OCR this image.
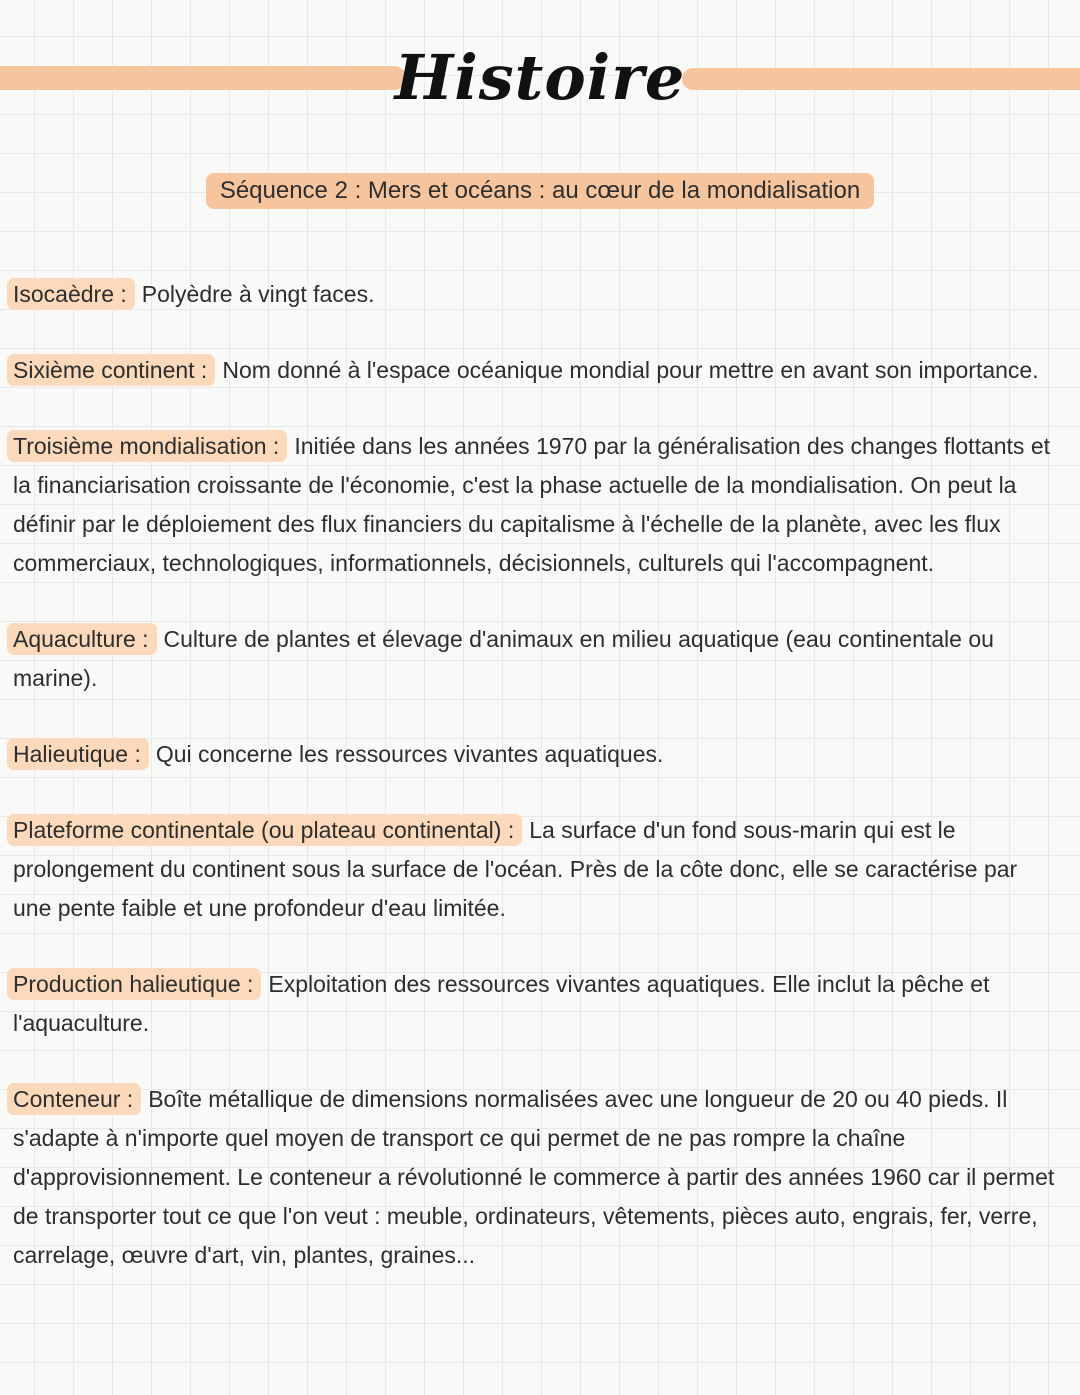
Histoire
Séquence 2 : Mers et océans : au cœur de la mondialisation

Isocaèdre : Polyèdre à vingt faces.

Sixième continent : Nom donné à l'espace océanique mondial pour mettre en avant son importance.

Troisième mondialisation : Initiée dans les années 1970 par la généralisation des changes flottants et la financiarisation croissante de l'économie, c'est la phase actuelle de la mondialisation. On peut la définir par le déploiement des flux financiers du capitalisme à l'échelle de la planète, avec les flux commerciaux, technologiques, informationnels, décisionnels, culturels qui l'accompagnent.

Aquaculture : Culture de plantes et élevage d'animaux en milieu aquatique (eau continentale ou marine).

Halieutique : Qui concerne les ressources vivantes aquatiques.

Plateforme continentale (ou plateau continental) : La surface d'un fond sous-marin qui est le prolongement du continent sous la surface de l'océan. Près de la côte donc, elle se caractérise par une pente faible et une profondeur d'eau limitée.

Production halieutique : Exploitation des ressources vivantes aquatiques. Elle inclut la pêche et l'aquaculture.

Conteneur : Boîte métallique de dimensions normalisées avec une longueur de 20 ou 40 pieds. Il s'adapte à n'importe quel moyen de transport ce qui permet de ne pas rompre la chaîne d'approvisionnement. Le conteneur a révolutionné le commerce à partir des années 1960 car il permet de transporter tout ce que l'on veut : meuble, ordinateurs, vêtements, pièces auto, engrais, fer, verre, carrelage, œuvre d'art, vin, plantes, graines...
